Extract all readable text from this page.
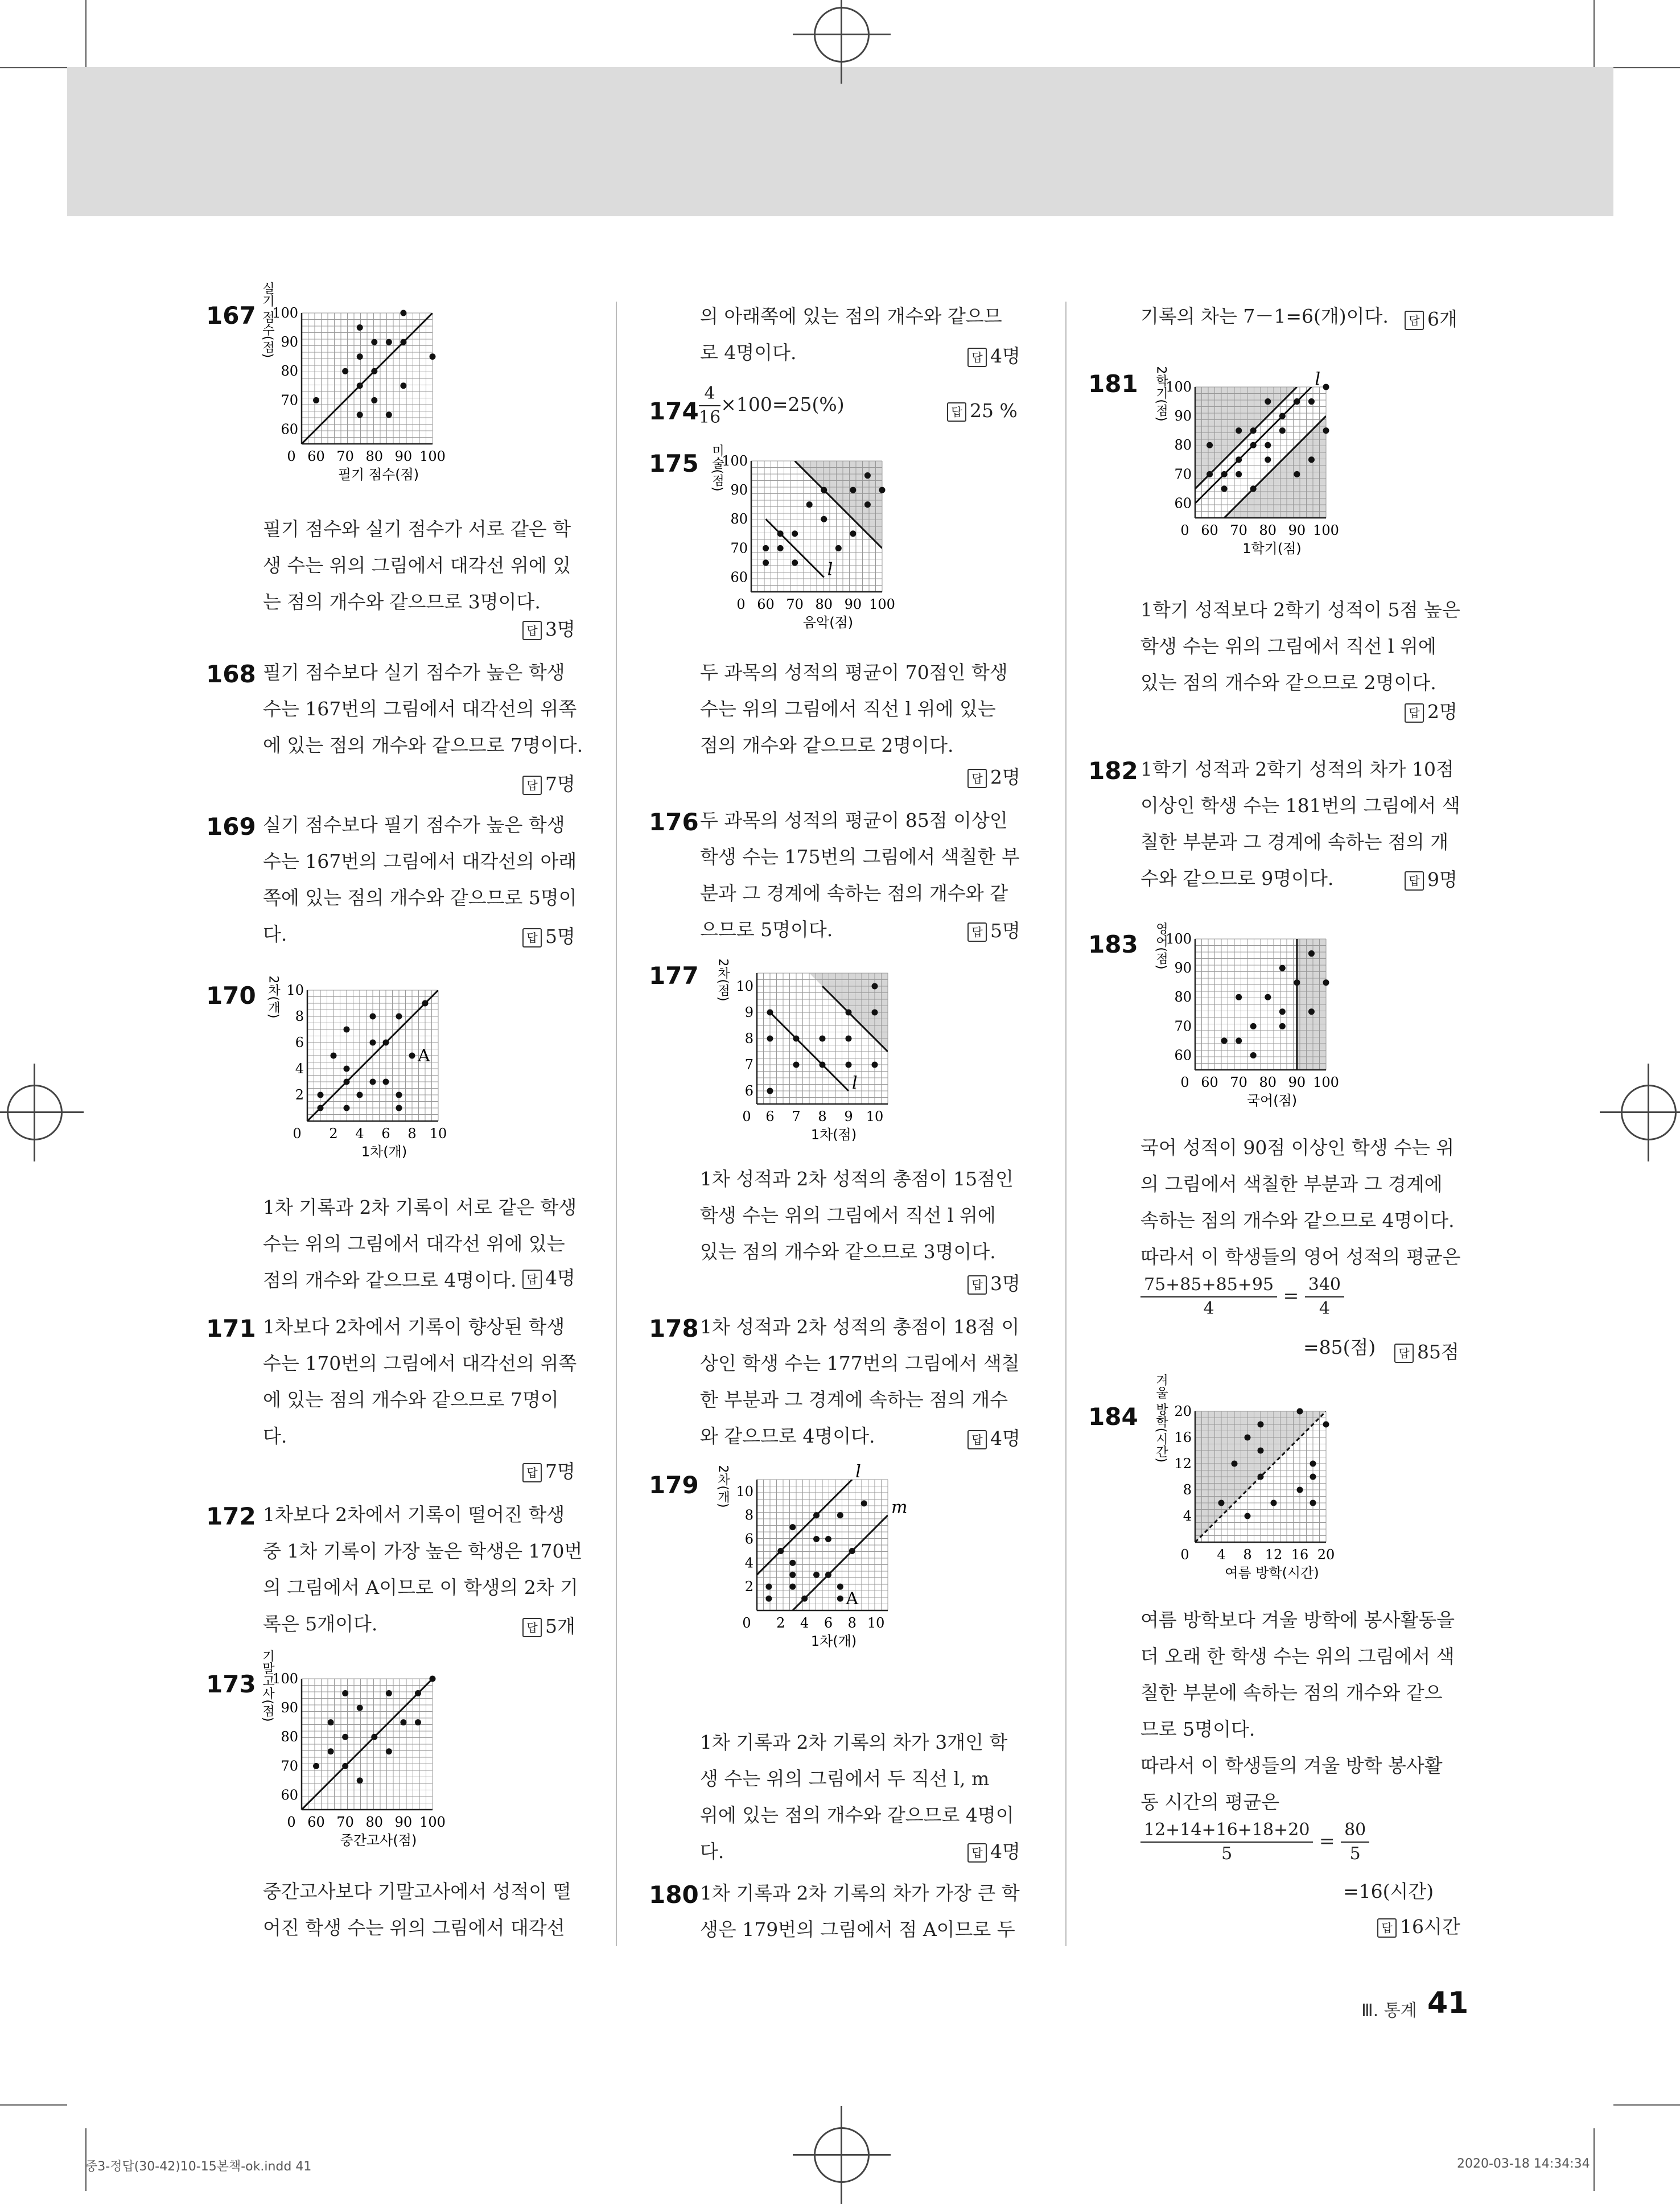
167
60 70 80 90 100
60
70
80
90
100
0
필기 점수(점)
실기 점수(점)
필기 점수와 실기 점수가 서로 같은 학
생 수는 위의 그림에서 대각선 위에 있
는 점의 개수와 같으므로 3명이다.
답 3명
168 필기 점수보다 실기 점수가 높은 학생
수는 167번의 그림에서 대각선의 위쪽
에 있는 점의 개수와 같으므로 7명이다.
답 7명
169 실기 점수보다 필기 점수가 높은 학생
수는 167번의 그림에서 대각선의 아래
쪽에 있는 점의 개수와 같으므로 5명이
다.	답 5명
170
2 4 6 8 10
2
4
6
8
10
0
1차(개)
2차(개)
A
1차 기록과 2차 기록이 서로 같은 학생
수는 위의 그림에서 대각선 위에 있는
점의 개수와 같으므로 4명이다. 답 4명
171 1차보다 2차에서 기록이 향상된 학생
수는 170번의 그림에서 대각선의 위쪽
에 있는 점의 개수와 같으므로 7명이
다.
답 7명
172 1차보다 2차에서 기록이 떨어진 학생
중 1차 기록이 가장 높은 학생은 170번
의 그림에서 A이므로 이 학생의 2차 기
록은 5개이다.	답 5개
173
60 70 80 90 100
60
70
80
90
100
0
중간고사(점)
기말고사(점)
중간고사보다 기말고사에서 성적이 떨
어진 학생 수는 위의 그림에서 대각선
의 아래쪽에 있는 점의 개수와 같으므
로 4명이다.	답 4명
$174 \frac{4}{16} \times 100=25(\%)$	답 25 %
175
60 70 80 90 100
60
70
80
90
100
0
음악(점)
미술(점)
l
두 과목의 성적의 평균이 70점인 학생
수는 위의 그림에서 직선 l 위에 있는
점의 개수와 같으므로 2명이다.
답 2명
176 두 과목의 성적의 평균이 85점 이상인
학생 수는 175번의 그림에서 색칠한 부
분과 그 경계에 속하는 점의 개수와 같
으므로 5명이다.	답 5명
177
6 7 8 9 10
6
7
8
9
10
0
1차(점)
2차(점)
l
1차 성적과 2차 성적의 총점이 15점인
학생 수는 위의 그림에서 직선 l 위에
있는 점의 개수와 같으므로 3명이다.
답 3명
178 1차 성적과 2차 성적의 총점이 18점 이
상인 학생 수는 177번의 그림에서 색칠
한 부분과 그 경계에 속하는 점의 개수
와 같으므로 4명이다.	답 4명
179
2 4 6 8 10
2
4
6
8
10
0
1차(개)
2차(개)	l
m
A
1차 기록과 2차 기록의 차가 3개인 학
생 수는 위의 그림에서 두 직선 l, m
위에 있는 점의 개수와 같으므로 4명이
다.	답 4명
180 1차 기록과 2차 기록의 차가 가장 큰 학
생은 179번의 그림에서 점 A이므로 두
기록의 차는 7－1=6(개)이다.	답 6개
181
60 70 80 90 100
60
70
80
90
100
0
1학기(점)
2학기(점)	l
1학기 성적보다 2학기 성적이 5점 높은
학생 수는 위의 그림에서 직선 l 위에
있는 점의 개수와 같으므로 2명이다.
답 2명
182 1학기 성적과 2학기 성적의 차가 10점
이상인 학생 수는 181번의 그림에서 색
칠한 부분과 그 경계에 속하는 점의 개
수와 같으므로 9명이다.	답 9명
183
60 70 80 90 100
60
70
80
90
100
0
국어(점)
영어(점)
국어 성적이 90점 이상인 학생 수는 위
의 그림에서 색칠한 부분과 그 경계에
속하는 점의 개수와 같으므로 4명이다.
따라서 이 학생들의 영어 성적의 평균은
$\frac{75+85+85+95}{4} = \frac{340}{4}$
=85(점)	답 85점
184
4 8 12 16 20
4
8
12
16
20
0
여름 방학(시간)
겨울 방학(시간)
여름 방학보다 겨울 방학에 봉사활동을
더 오래 한 학생 수는 위의 그림에서 색
칠한 부분에 속하는 점의 개수와 같으
므로 5명이다.
따라서 이 학생들의 겨울 방학 봉사활
동 시간의 평균은
$\frac{12+14+16+18+20}{5} = \frac{80}{5}$
=16(시간)
답 16시간
Ⅲ. 통계 41
중3-정답(30-42)10-15본책-ok.indd 41	2020-03-18 14:34:34
